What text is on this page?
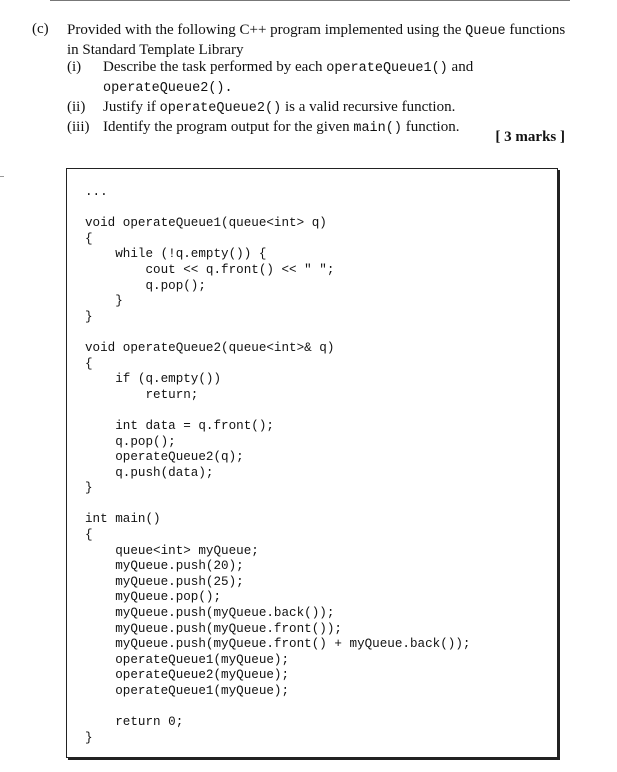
(c) Provided with the following C++ program implemented using the Queue functions in Standard Template Library
(i)	Describe the task performed by each operateQueue1() and operateQueue2().
(ii)	Justify if operateQueue2() is a valid recursive function.
(iii) Identify the program output for the given main() function.
[ 3 marks ]
...

void operateQueue1(queue<int> q)
{
while (!q.empty()) {
cout << q.front() << " ";
q.pop();
}
}

void operateQueue2(queue<int>& q)
{
if (q.empty())
return;

int data = q.front();
q.pop();
operateQueue2(q);
q.push(data);
}

int main()
{
queue<int> myQueue;
myQueue.push(20);
myQueue.push(25);
myQueue.pop();
myQueue.push(myQueue.back());
myQueue.push(myQueue.front());
myQueue.push(myQueue.front() + myQueue.back());
operateQueue1(myQueue);
operateQueue2(myQueue);
operateQueue1(myQueue);

return 0;
}
